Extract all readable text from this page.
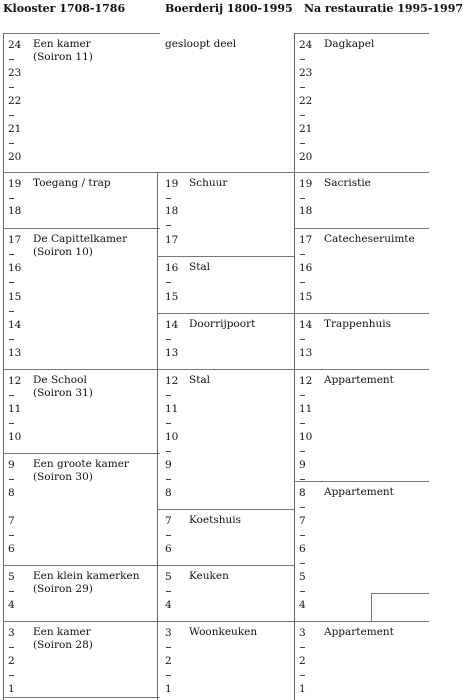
Klooster 1708-1786	Boerderij 1800-1995 Na restauratie 1995-1997
gesloopt deel
Een kamer
(Soiron 11)
Toegang / trap
De Capittelkamer
(Soiron 10)
De School
(Soiron 31)
Een groote kamer
(Soiron 30)
Een klein kamerken
(Soiron 29)
Een kamer
(Soiron 28)
1
2
3
4
5
6
7
8
9
10
11
12
13
14
15
16
17
18
19
20
21
22
23
24
Schuur
Stal
Doorrijpoort
Stal
Koetshuis
Keuken
Woonkeuken
1
2
3
4
5
6
7
8
9
10
11
12
13
14
15
16
17
18
19
Dagkapel
Sacristie
Catecheseruimte
Trappenhuis
Appartement
Appartement
Appartement
1
2
3
4
5
6
7
8
9
10
11
12
13
14
15
16
17
18
19
20
21
22
23
24
